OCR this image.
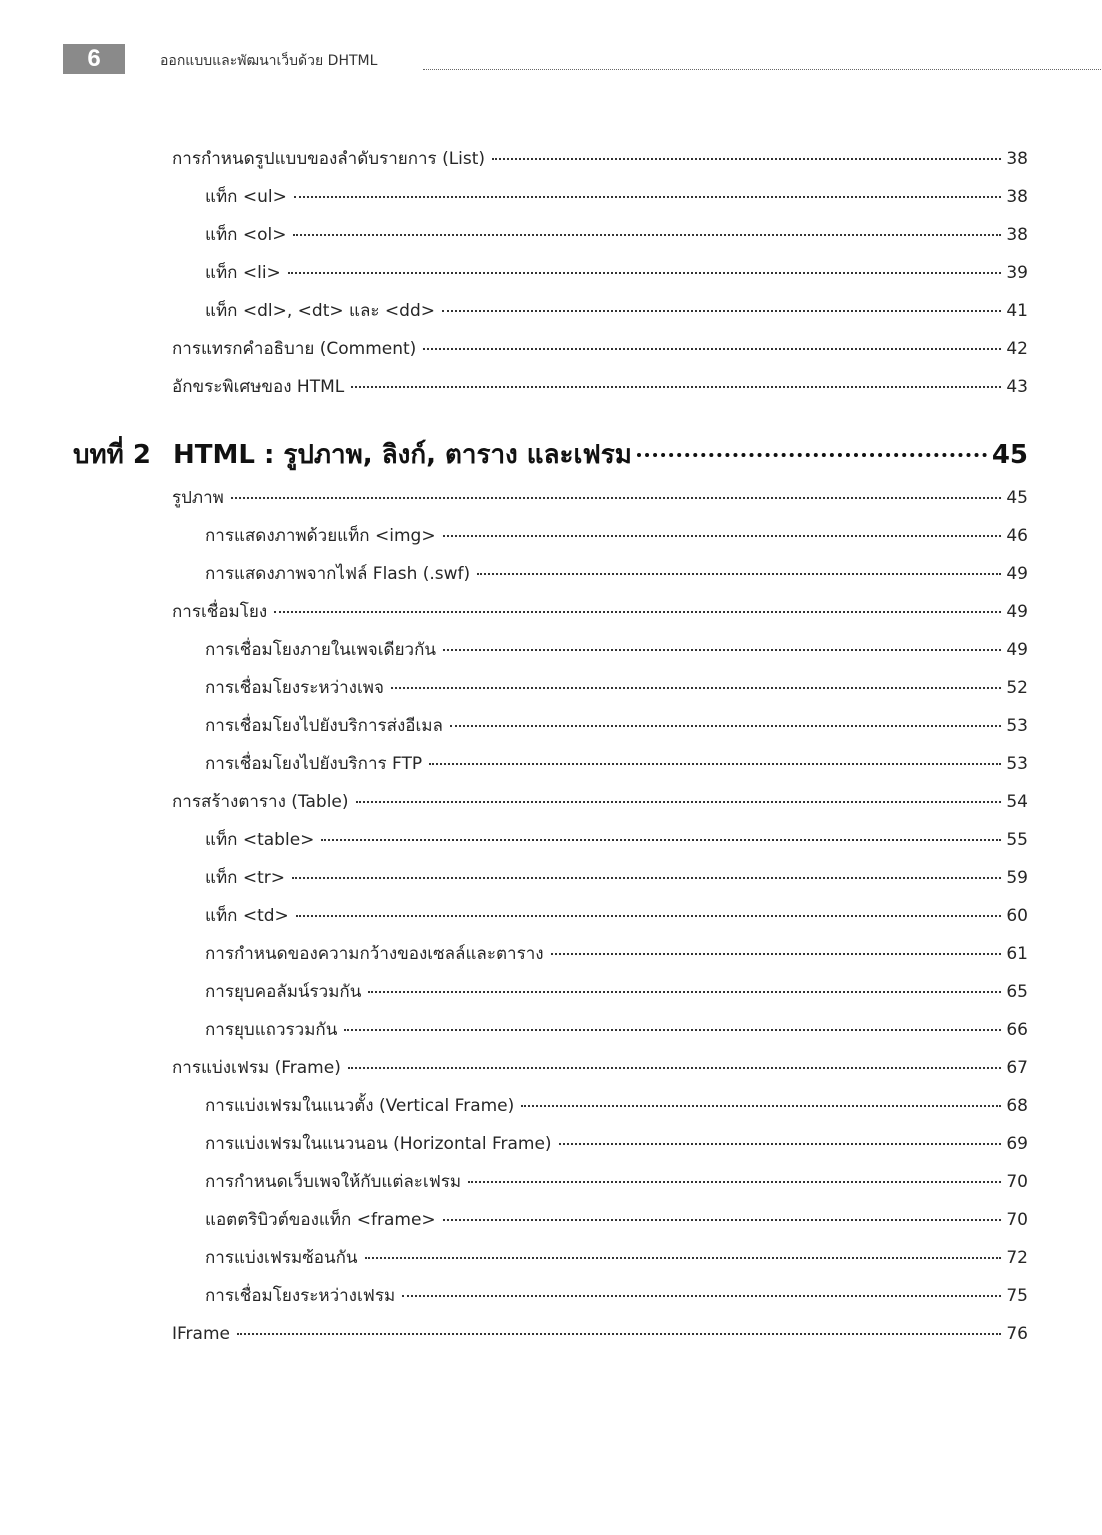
6	ออกแบบและพัฒนาเว็บด้วย DHTML
การกำหนดรูปแบบของลำดับรายการ (List)	38
แท็ก <ul>	38
แท็ก <ol>	38
แท็ก <li>	39
แท็ก <dl>, <dt> และ <dd>	41
การแทรกคำอธิบาย (Comment)	42
อักขระพิเศษของ HTML	43
บทที่ 2 HTML : รูปภาพ, ลิงก์, ตาราง และเฟรม	45
รูปภาพ	45
การแสดงภาพด้วยแท็ก <img>	46
การแสดงภาพจากไฟล์ Flash (.swf)	49
การเชื่อมโยง	49
การเชื่อมโยงภายในเพจเดียวกัน	49
การเชื่อมโยงระหว่างเพจ	52
การเชื่อมโยงไปยังบริการส่งอีเมล	53
การเชื่อมโยงไปยังบริการ FTP	53
การสร้างตาราง (Table)	54
แท็ก <table>	55
แท็ก <tr>	59
แท็ก <td>	60
การกำหนดของความกว้างของเซลล์และตาราง	61
การยุบคอลัมน์รวมกัน	65
การยุบแถวรวมกัน	66
การแบ่งเฟรม (Frame)	67
การแบ่งเฟรมในแนวตั้ง (Vertical Frame)	68
การแบ่งเฟรมในแนวนอน (Horizontal Frame)	69
การกำหนดเว็บเพจให้กับแต่ละเฟรม	70
แอตตริบิวต์ของแท็ก <frame>	70
การแบ่งเฟรมซ้อนกัน	72
การเชื่อมโยงระหว่างเฟรม	75
IFrame	76
